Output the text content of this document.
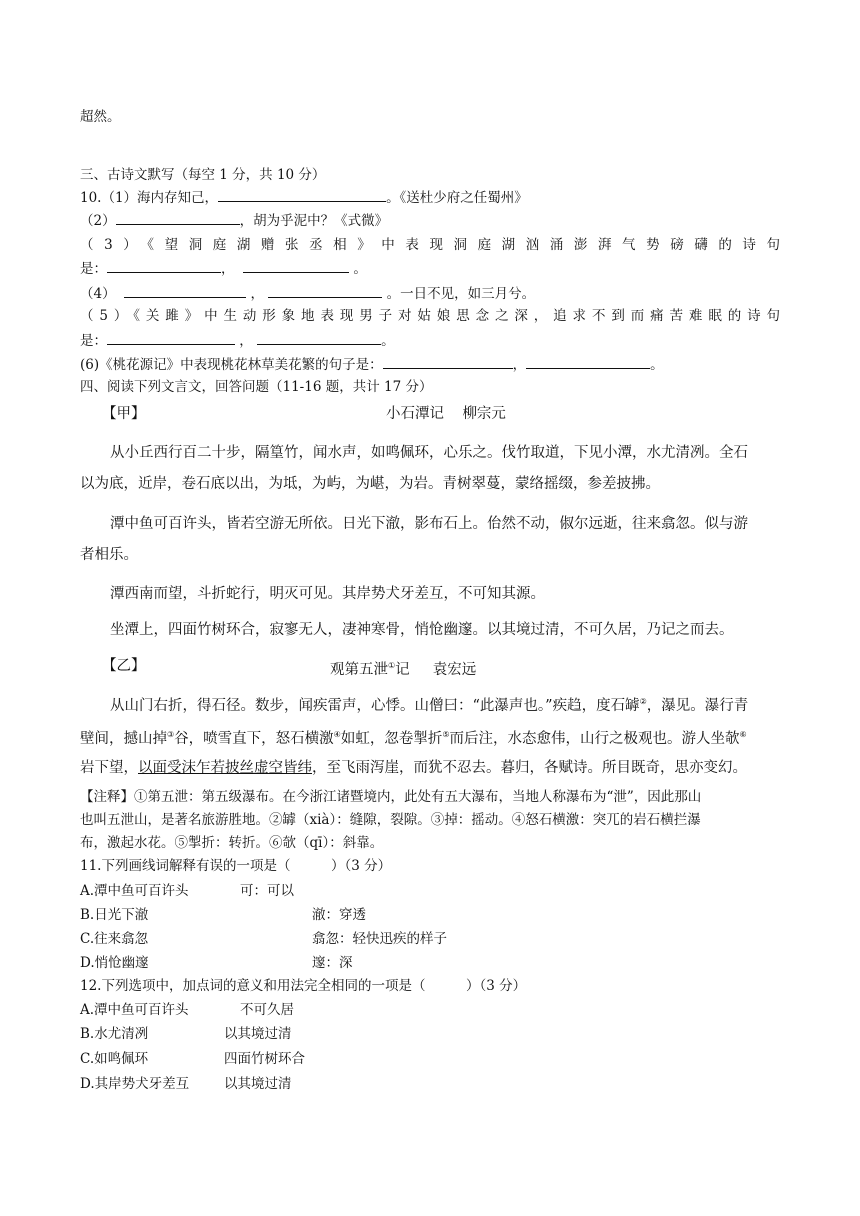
超然。
三、古诗文默写（每空 1 分，共 10 分）
10.（1）海内存知己，	。《送杜少府之任蜀州》
（2）	，胡为乎泥中？《式微》
（3）《望洞庭湖赠张丞相》中表现洞庭湖汹涌澎湃气势磅礴的诗句
是：	，	。
（4）	，	。一日不见，如三月兮。
（5）《关雎》中生动形象地表现男子对姑娘思念之深，追求不到而痛苦难眠的诗句
是：	，	。
(6)《桃花源记》中表现桃花林草美花繁的句子是：	，	。
四、阅读下列文言文，回答问题（11-16 题，共计 17 分）
【甲】	小石潭记 柳宗元
从小丘西行百二十步，隔篁竹，闻水声，如鸣佩环，心乐之。伐竹取道，下见小潭，水尤清冽。全石
以为底，近岸，卷石底以出，为坻，为屿，为嵁，为岩。青树翠蔓，蒙络摇缀，参差披拂。
潭中鱼可百许头，皆若空游无所依。日光下澈，影布石上。佁然不动，俶尔远逝，往来翕忽。似与游
者相乐。
潭西南而望，斗折蛇行，明灭可见。其岸势犬牙差互，不可知其源。
坐潭上，四面竹树环合，寂寥无人，凄神寒骨，悄怆幽邃。以其境过清，不可久居，乃记之而去。
【乙】	观第五泄①记 袁宏远
从山门右折，得石径。数步，闻疾雷声，心悸。山僧曰：“此瀑声也。”疾趋，度石罅②，瀑见。瀑行青
壁间，撼山掉③谷，喷雪直下，怒石横激④如虹，忽卷掣折⑤而后注，水态愈伟，山行之极观也。游人坐欹⑥
岩下望，以面受沫乍若披丝虚空皆纬，至飞雨泻崖，而犹不忍去。暮归，各赋诗。所目既奇，思亦变幻。
【注释】①第五泄：第五级瀑布。在今浙江诸暨境内，此处有五大瀑布，当地人称瀑布为“泄”，因此那山
也叫五泄山，是著名旅游胜地。②罅（xià）：缝隙，裂隙。③掉：摇动。④怒石横激：突兀的岩石横拦瀑
布，激起水花。⑤掣折：转折。⑥欹（qī）：斜靠。
11.下列画线词解释有误的一项是（　　　）（3 分）
A.潭中鱼可百许头	可：可以
B.日光下澈	澈：穿透
C.往来翕忽	翕忽：轻快迅疾的样子
D.悄怆幽邃	邃：深
12.下列选项中，加点词的意义和用法完全相同的一项是（　　　）（3 分）
A.潭中鱼可百许头	不可久居
B.水尤清冽	以其境过清
C.如鸣佩环	四面竹树环合
D.其岸势犬牙差互	以其境过清
